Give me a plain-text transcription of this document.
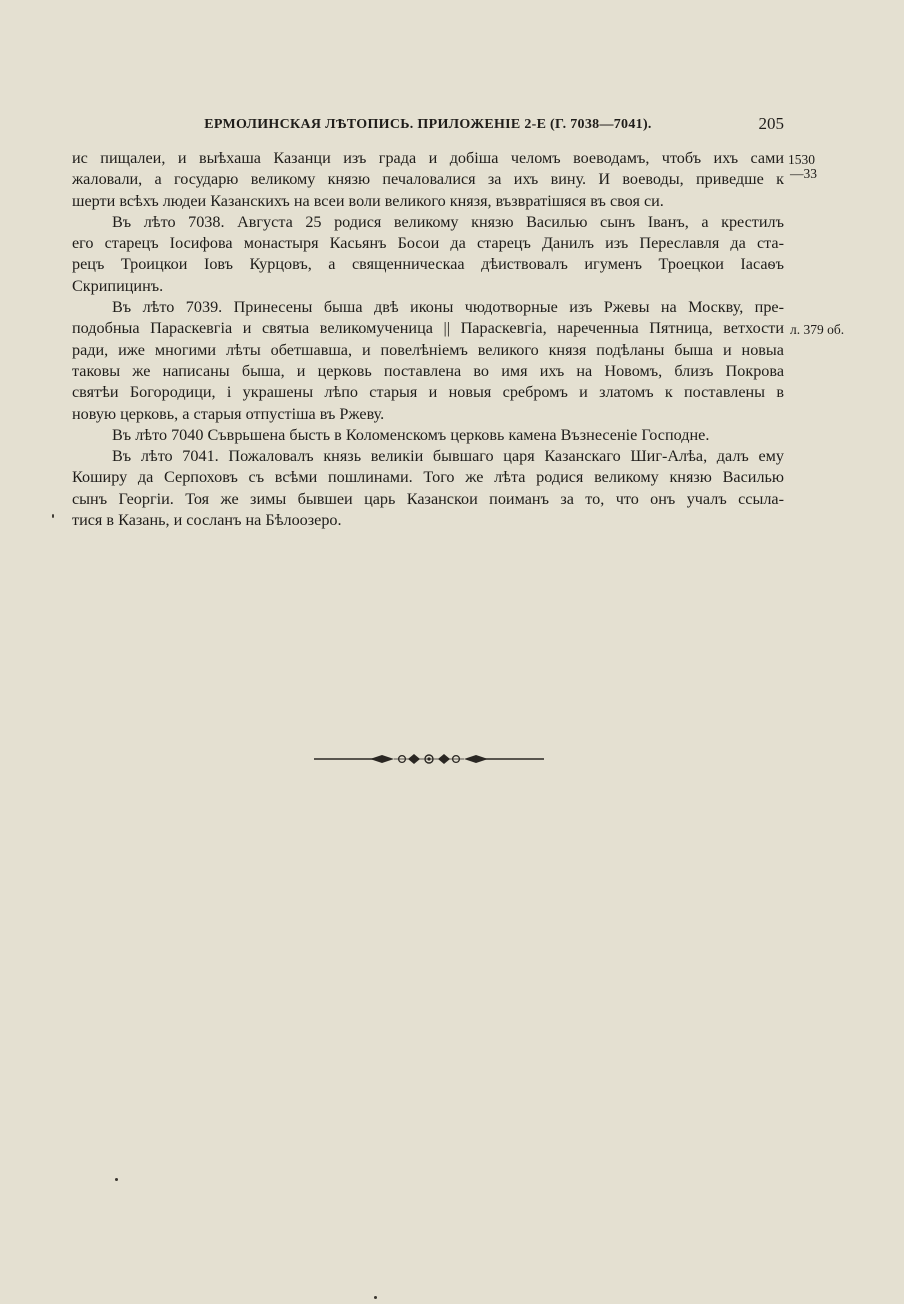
ЕРМОЛИНСКАЯ ЛѢТОПИСЬ. ПРИЛОЖЕНІЕ 2-Е (Г. 7038—7041).	205
ис пищалеи, и выѣхаша Казанци изъ града и добіша челомъ воеводамъ, чтобъ ихъ сами
жаловали, а государю великому князю печаловалися за ихъ вину. И воеводы, приведше к
шерти всѣхъ людеи Казанскихъ на всеи воли великого князя, възвратішяся въ своя си.
Въ лѣто 7038. Августа 25 родися великому князю Василью сынъ Іванъ, а крестилъ
его старецъ Іосифова монастыря Касьянъ Босои да старецъ Данилъ изъ Переславля да ста-
рецъ Троицкои Іовъ Курцовъ, а священническаа дѣиствовалъ игуменъ Троецкои Іасаѳъ
Скрипицинъ.
Въ лѣто 7039. Принесены быша двѣ иконы чюдотворные изъ Ржевы на Москву, пре-
подобныа Параскевгіа и святыа великомученица || Параскевгіа, нареченныа Пятница, ветхости
ради, иже многими лѣты обетшавша, и повелѣніемъ великого князя подѣланы быша и новыа
таковы же написаны быша, и церковь поставлена во имя ихъ на Новомъ, близъ Покрова
святѣи Богородици, і украшены лѣпо старыя и новыя сребромъ и златомъ к поставлены в
новую церковь, а старыя отпустіша въ Ржеву.
Въ лѣто 7040 Съврьшена бысть в Коломенскомъ церковь камена Възнесеніе Господне.
Въ лѣто 7041. Пожаловалъ князь великіи бывшаго царя Казанскаго Шиг-Алѣа, далъ ему
Коширу да Серпоховъ съ всѣми пошлинами. Того же лѣта родися великому князю Василью
сынъ Георгіи. Тоя же зимы бывшеи царь Казанскои поиманъ за то, что онъ учалъ ссыла-
тися в Казань, и сосланъ на Бѣлоозеро.
1530
—33
л. 379 об.
